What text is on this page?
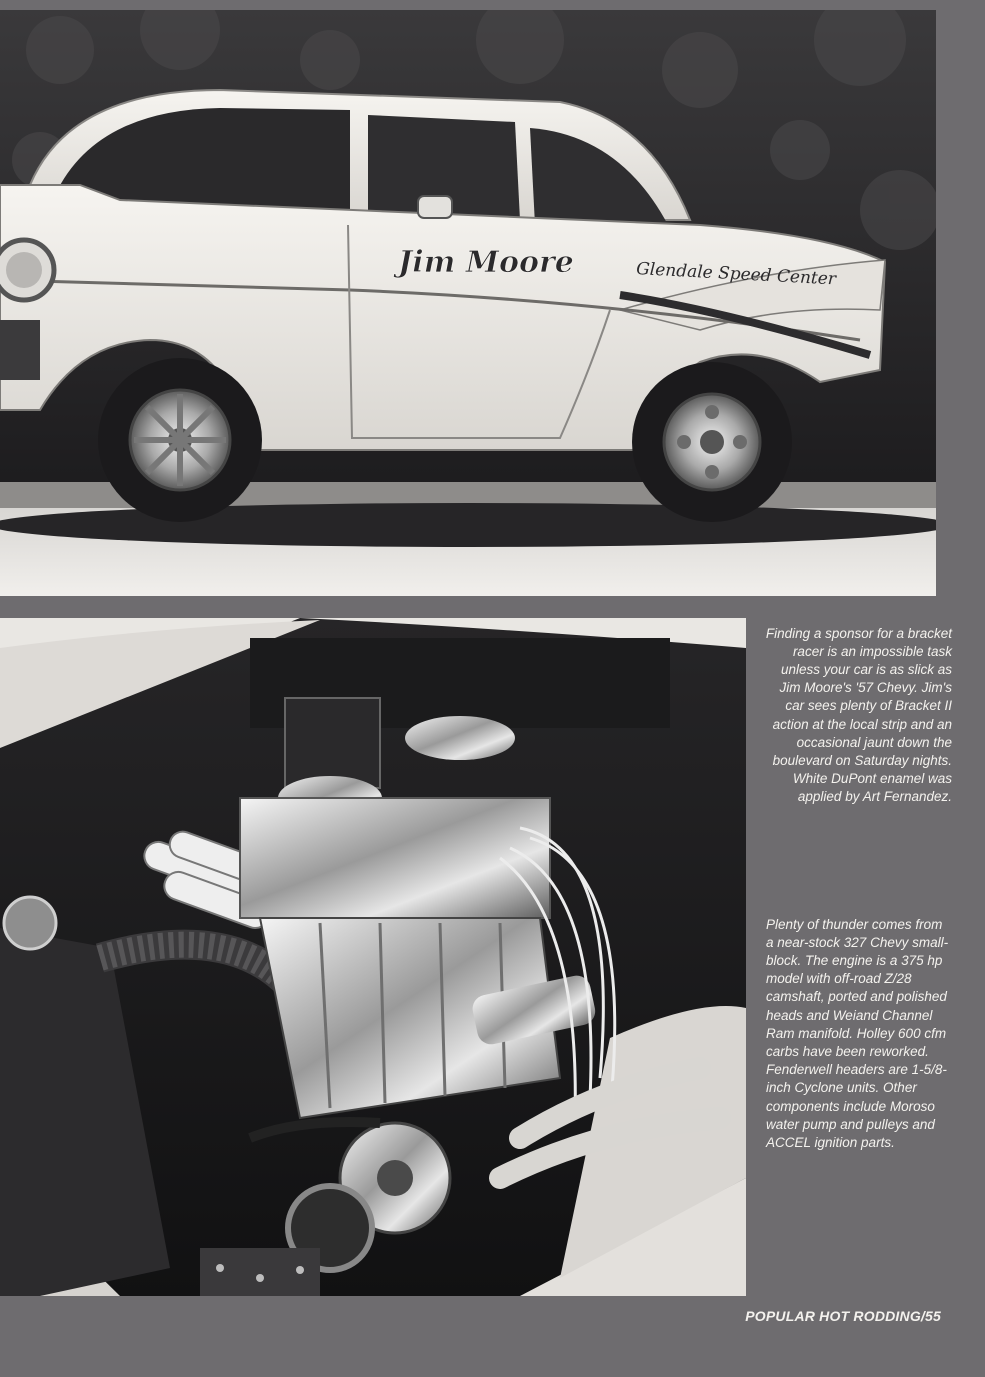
Jim Moore	Glendale Speed Center

Finding a sponsor for a bracket racer is an impossible task unless your car is as slick as Jim Moore's '57 Chevy. Jim's car sees plenty of Bracket II action at the local strip and an occasional jaunt down the boulevard on Saturday nights. White DuPont enamel was applied by Art Fernandez.

Plenty of thunder comes from a near-stock 327 Chevy small-block. The engine is a 375 hp model with off-road Z/28 camshaft, ported and polished heads and Weiand Channel Ram manifold. Holley 600 cfm carbs have been reworked. Fenderwell headers are 1-5/8-inch Cyclone units. Other components include Moroso water pump and pulleys and ACCEL ignition parts.

POPULAR HOT RODDING/55
